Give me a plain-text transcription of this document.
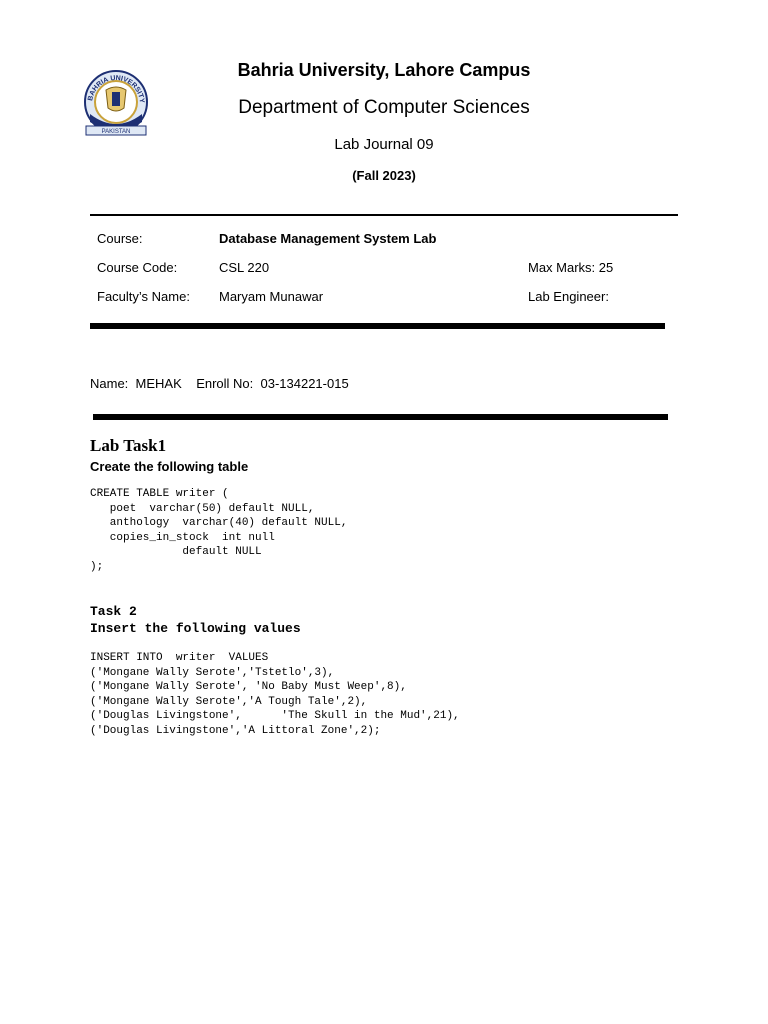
BAHRIA UNIVERSITY
PAKISTAN
Bahria University, Lahore Campus
Department of Computer Sciences
Lab Journal 09
(Fall 2023)
Course:	Database Management System Lab
Course Code:	CSL 220	Max Marks: 25
Faculty’s Name: Maryam Munawar	Lab Engineer:
Name:  MEHAK    Enroll No:  03-134221-015
Lab Task1
Create the following table
CREATE TABLE writer (
poet  varchar(50) default NULL,
anthology  varchar(40) default NULL,
copies_in_stock  int null
default NULL
);
Task 2
Insert the following values
INSERT INTO  writer  VALUES
('Mongane Wally Serote','Tstetlo',3),
('Mongane Wally Serote', 'No Baby Must Weep',8),
('Mongane Wally Serote','A Tough Tale',2),
('Douglas Livingstone',      'The Skull in the Mud',21),
('Douglas Livingstone','A Littoral Zone',2);
